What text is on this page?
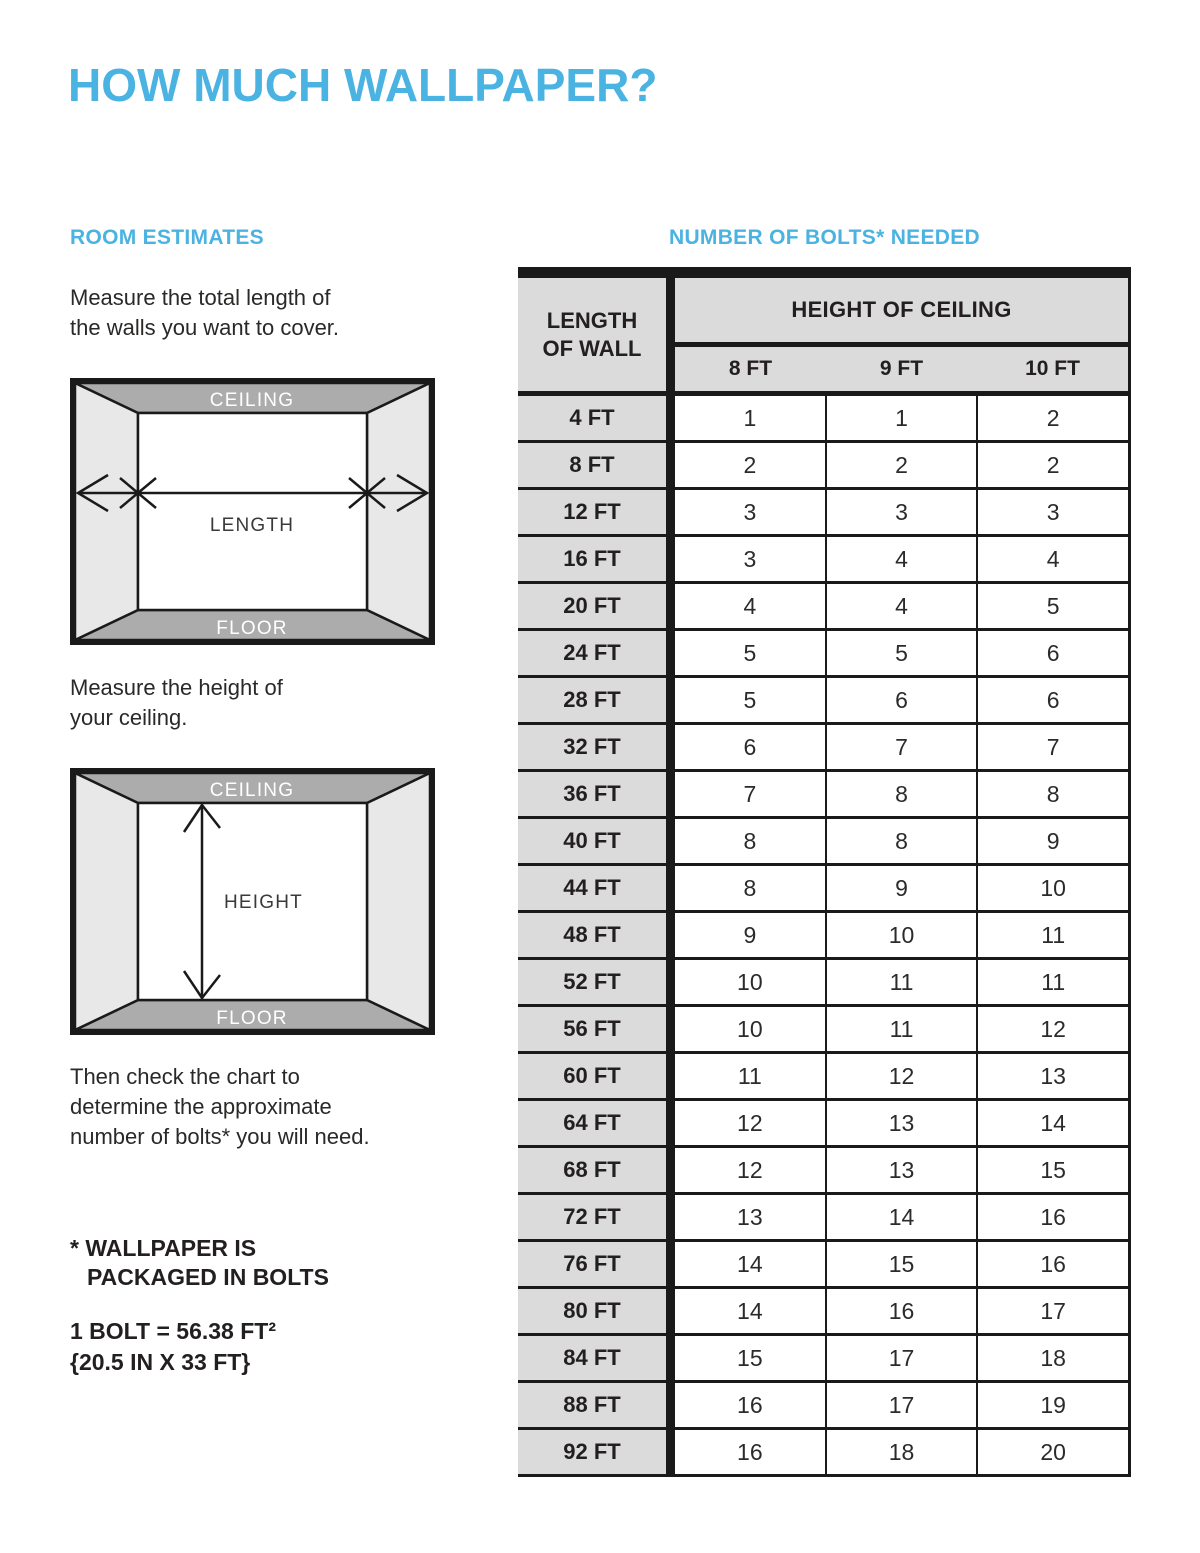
HOW MUCH WALLPAPER?
ROOM ESTIMATES	NUMBER OF BOLTS* NEEDED
Measure the total length of
the walls you want to cover.
CEILING
FLOOR
LENGTH
Measure the height of
your ceiling.
CEILING
FLOOR
HEIGHT
Then check the chart to
determine the approximate
number of bolts* you will need.
* WALLPAPER IS
PACKAGED IN BOLTS
1 BOLT = 56.38 FT²
{20.5 IN X 33 FT}
LENGTH
OF WALL
HEIGHT OF CEILING
8 FT	9 FT	10 FT
4 FT	1	1	2
8 FT	2	2	2
12 FT	3	3	3
16 FT	3	4	4
20 FT	4	4	5
24 FT	5	5	6
28 FT	5	6	6
32 FT	6	7	7
36 FT	7	8	8
40 FT	8	8	9
44 FT	8	9	10
48 FT	9	10	11
52 FT	10	11	11
56 FT	10	11	12
60 FT	11	12	13
64 FT	12	13	14
68 FT	12	13	15
72 FT	13	14	16
76 FT	14	15	16
80 FT	14	16	17
84 FT	15	17	18
88 FT	16	17	19
92 FT	16	18	20
